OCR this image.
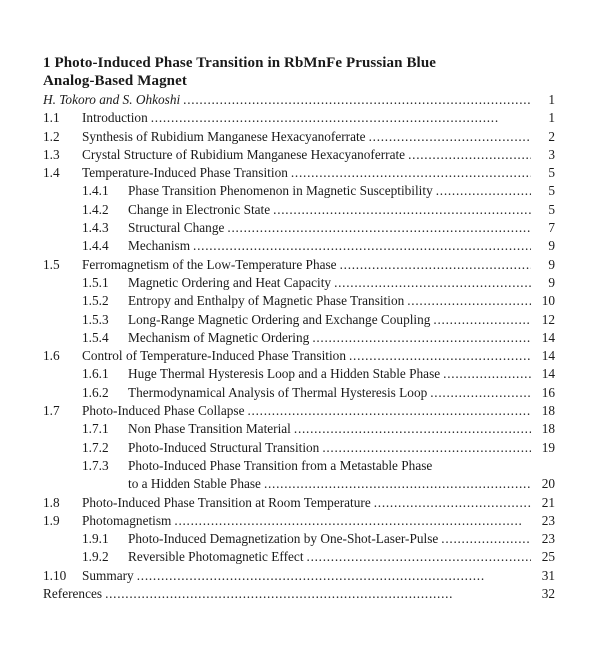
1 Photo-Induced Phase Transition in RbMnFe Prussian Blue
Analog-Based Magnet
H. Tokoro and S. Ohkoshi . . .	1
1.1	Introduction . . .	1
1.2	Synthesis of Rubidium Manganese Hexacyanoferrate . . .	2
1.3	Crystal Structure of Rubidium Manganese Hexacyanoferrate . . .	3
1.4	Temperature-Induced Phase Transition . . .	5
1.4.1	Phase Transition Phenomenon in Magnetic Susceptibility . . .	5
1.4.2	Change in Electronic State . . .	5
1.4.3	Structural Change . . .	7
1.4.4	Mechanism . . .	9
1.5	Ferromagnetism of the Low-Temperature Phase . . .	9
1.5.1	Magnetic Ordering and Heat Capacity . . .	9
1.5.2	Entropy and Enthalpy of Magnetic Phase Transition . . .	10
1.5.3	Long-Range Magnetic Ordering and Exchange Coupling . . .	12
1.5.4	Mechanism of Magnetic Ordering . . .	14
1.6	Control of Temperature-Induced Phase Transition . . .	14
1.6.1	Huge Thermal Hysteresis Loop and a Hidden Stable Phase . . .	14
1.6.2	Thermodynamical Analysis of Thermal Hysteresis Loop . . .	16
1.7	Photo-Induced Phase Collapse . . .	18
1.7.1	Non Phase Transition Material . . .	18
1.7.2	Photo-Induced Structural Transition . . .	19
1.7.3	Photo-Induced Phase Transition from a Metastable Phase
to a Hidden Stable Phase . . .	20
1.8	Photo-Induced Phase Transition at Room Temperature . . .	21
1.9	Photomagnetism . . .	23
1.9.1	Photo-Induced Demagnetization by One-Shot-Laser-Pulse . . .	23
1.9.2	Reversible Photomagnetic Effect . . .	25
1.10	Summary . . .	31
References . . .	32
